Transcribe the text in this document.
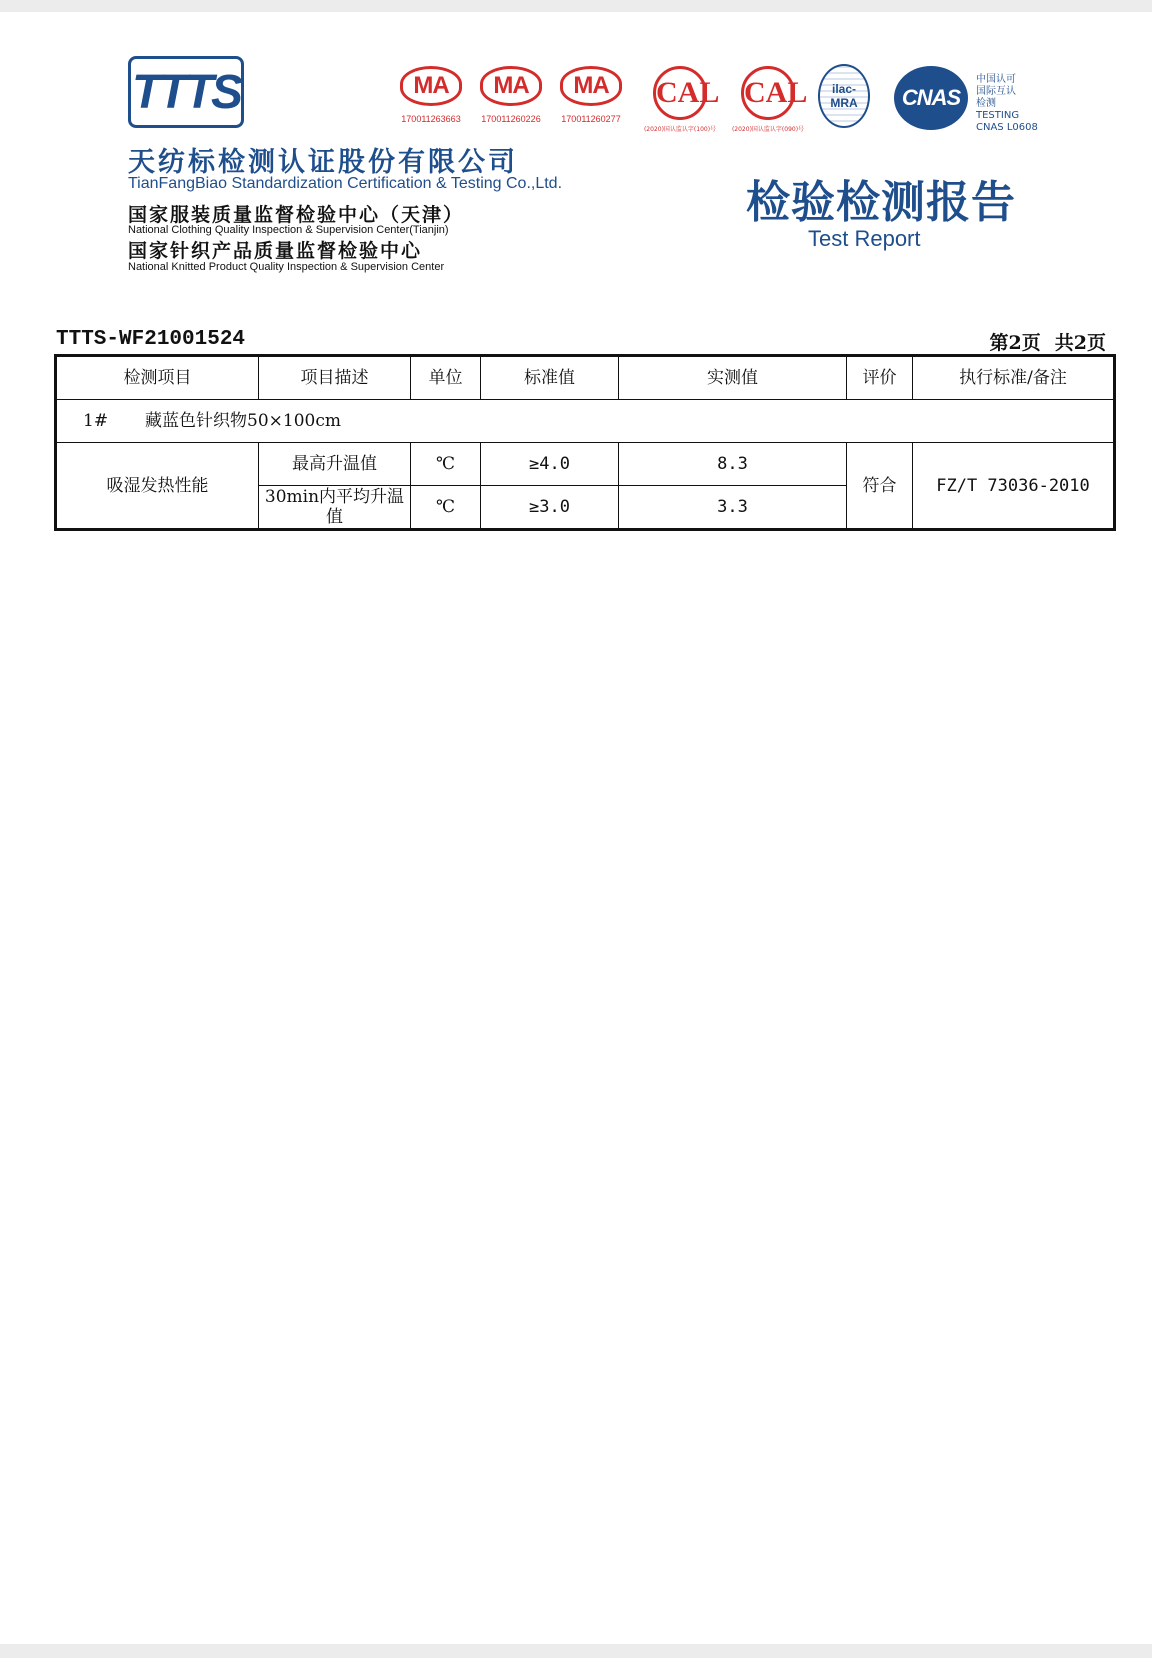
TTTS
天纺标检测认证股份有限公司
TianFangBiao Standardization Certification & Testing Co.,Ltd.
国家服装质量监督检验中心（天津）
National Clothing Quality Inspection & Supervision Center(Tianjin)
国家针织产品质量监督检验中心
National Knitted Product Quality Inspection & Supervision Center
MA
170011263663
MA
170011260226
MA
170011260277
CAL
(2020)国认监认字(100)号
CAL
(2020)国认监认字(090)号
ilac-MRA	CNAS
中国认可
国际互认
检测
TESTING
CNAS L0608
检验检测报告
Test Report
TTTS-WF21001524	第2页 共2页
检测项目	项目描述	单位	标准值	实测值	评价	执行标准/备注
1# 藏蓝色针织物50×100cm						
吸湿发热性能	最高升温值	℃	≥4.0	8.3	符合	FZ/T 73036-2010
	30min内平均升温值	℃	≥3.0	3.3		
